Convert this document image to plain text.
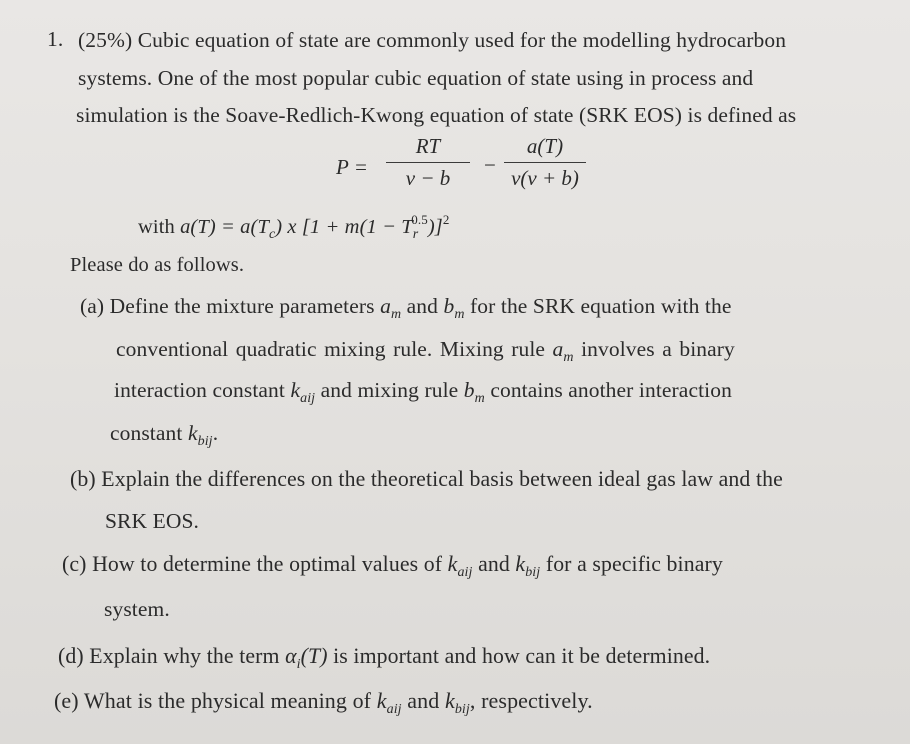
1. (25%) Cubic equation of state are commonly used for the modelling hydrocarbon
systems. One of the most popular cubic equation of state using in process and
simulation is the Soave-Redlich-Kwong equation of state (SRK EOS) is defined as
P =
RT
v − b
−
a(T)
v(v + b)
with $a(T) = a(T_c)$ x $[1 + m(1 - T_r^{0.5})]^2$
Please do as follows.
(a) Define the mixture parameters $a_m$ and $b_m$ for the SRK equation with the
conventional quadratic mixing rule. Mixing rule $a_m$ involves a binary
interaction constant $k_{aij}$ and mixing rule $b_m$ contains another interaction
constant $k_{bij}$.
(b) Explain the differences on the theoretical basis between ideal gas law and the
SRK EOS.
(c) How to determine the optimal values of $k_{aij}$ and $k_{bij}$ for a specific binary
system.
(d) Explain why the term $\alpha_i(T)$ is important and how can it be determined.
(e) What is the physical meaning of $k_{aij}$ and $k_{bij}$, respectively.
